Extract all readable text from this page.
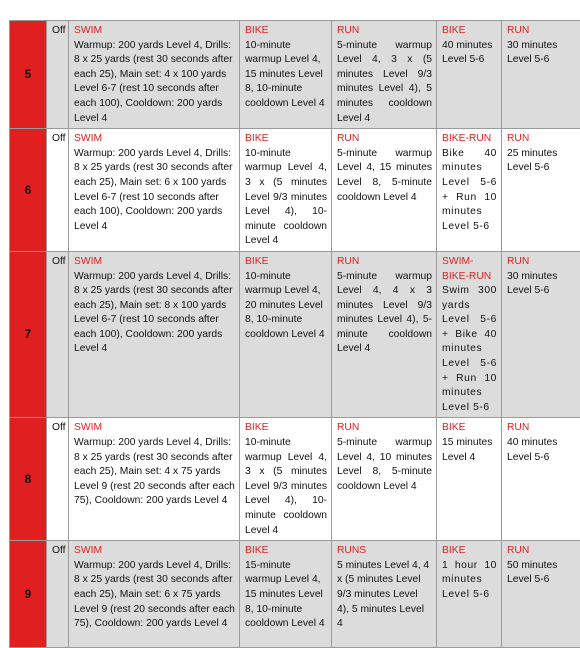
5	Off	SWIM
Warmup: 200 yards Level 4, Drills: 8 x 25 yards (rest 30 seconds after each 25), Main set: 4 x 100 yards Level 6-7 (rest 10 seconds after each 100), Cooldown: 200 yards Level 4	BIKE
10-minute warmup Level 4, 15 minutes Level 8, 10-minute cooldown Level 4	RUN
5-minute warmup Level 4, 3 x (5 minutes Level 9/3 minutes Level 4), 5 minutes cooldown Level 4	BIKE
40 minutes Level 5-6	RUN
30 minutes Level 5-6

6	Off	SWIM
Warmup: 200 yards Level 4, Drills: 8 x 25 yards (rest 30 seconds after each 25), Main set: 6 x 100 yards Level 6-7 (rest 10 seconds after each 100), Cooldown: 200 yards Level 4	BIKE
10-minute warmup Level 4, 3 x (5 minutes Level 9/3 minutes Level 4), 10-minute cooldown Level 4	RUN
5-minute warmup Level 4, 15 minutes Level 8, 5-minute cooldown Level 4	BIKE-RUN
Bike 40 minutes Level 5-6 + Run 10 minutes Level 5-6	RUN
25 minutes Level 5-6

7	Off	SWIM
Warmup: 200 yards Level 4, Drills: 8 x 25 yards (rest 30 seconds after each 25), Main set: 8 x 100 yards Level 6-7 (rest 10 seconds after each 100), Cooldown: 200 yards Level 4	BIKE
10-minute warmup Level 4, 20 minutes Level 8, 10-minute cooldown Level 4	RUN
5-minute warmup Level 4, 4 x 3 minutes Level 9/3 minutes Level 4), 5-minute cooldown Level 4	SWIM-BIKE-RUN
Swim 300 yards Level 5-6 + Bike 40 minutes Level 5-6 + Run 10 minutes Level 5-6	RUN
30 minutes Level 5-6

8	Off	SWIM
Warmup: 200 yards Level 4, Drills: 8 x 25 yards (rest 30 seconds after each 25), Main set: 4 x 75 yards Level 9 (rest 20 seconds after each 75), Cooldown: 200 yards Level 4	BIKE
10-minute warmup Level 4, 3 x (5 minutes Level 9/3 minutes Level 4), 10-minute cooldown Level 4	RUN
5-minute warmup Level 4, 10 minutes Level 8, 5-minute cooldown Level 4	BIKE
15 minutes Level 4	RUN
40 minutes Level 5-6

9	Off	SWIM
Warmup: 200 yards Level 4, Drills: 8 x 25 yards (rest 30 seconds after each 25), Main set: 6 x 75 yards Level 9 (rest 20 seconds after each 75), Cooldown: 200 yards Level 4	BIKE
15-minute warmup Level 4, 15 minutes Level 8, 10-minute cooldown Level 4	RUNS
5 minutes Level 4, 4 x (5 minutes Level 9/3 minutes Level 4), 5 minutes Level 4	BIKE
1 hour 10 minutes Level 5-6	RUN
50 minutes Level 5-6
